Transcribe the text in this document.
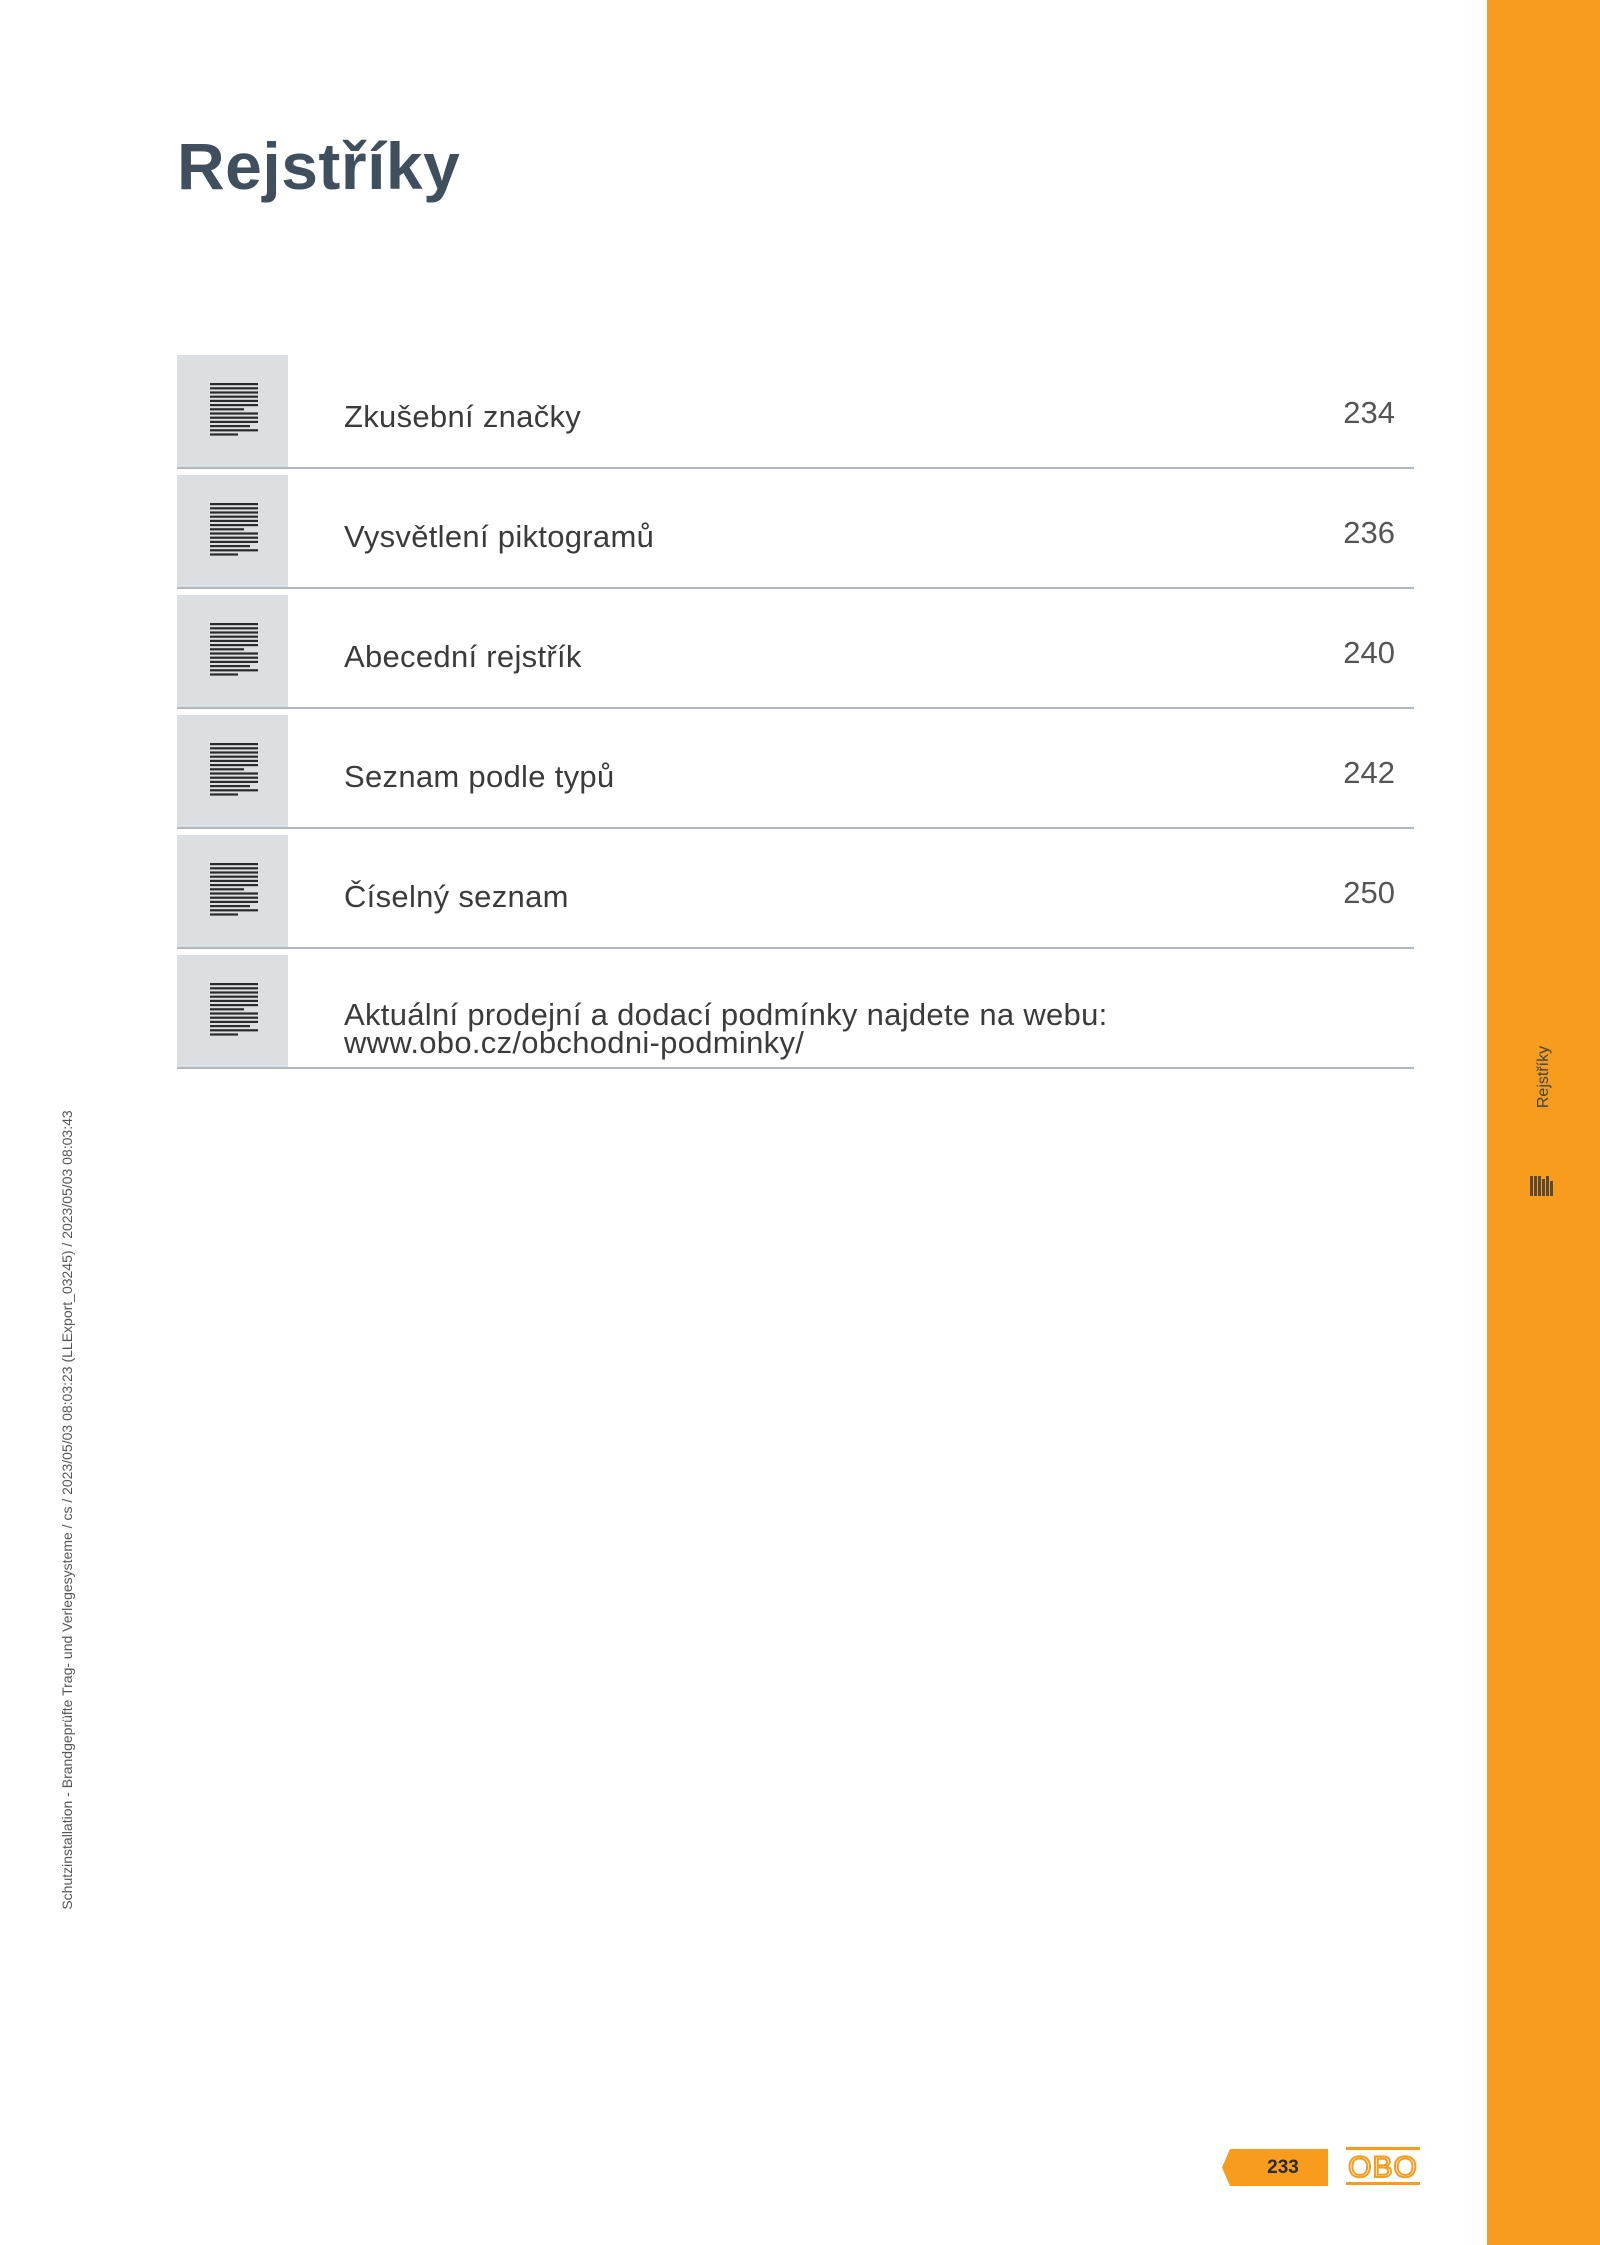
Rejstříky
Rejstříky
Zkušební značky	234
Vysvětlení piktogramů	236
Abecední rejstřík	240
Seznam podle typů	242
Číselný seznam	250
Aktuální prodejní a dodací podmínky najdete na webu:
www.obo.cz/obchodni-podminky/
Schutzinstallation - Brandgeprüfte Trag- und Verlegesysteme / cs / 2023/05/03 08:03:23 (LLExport_03245) / 2023/05/03 08:03:43
233	OBO
